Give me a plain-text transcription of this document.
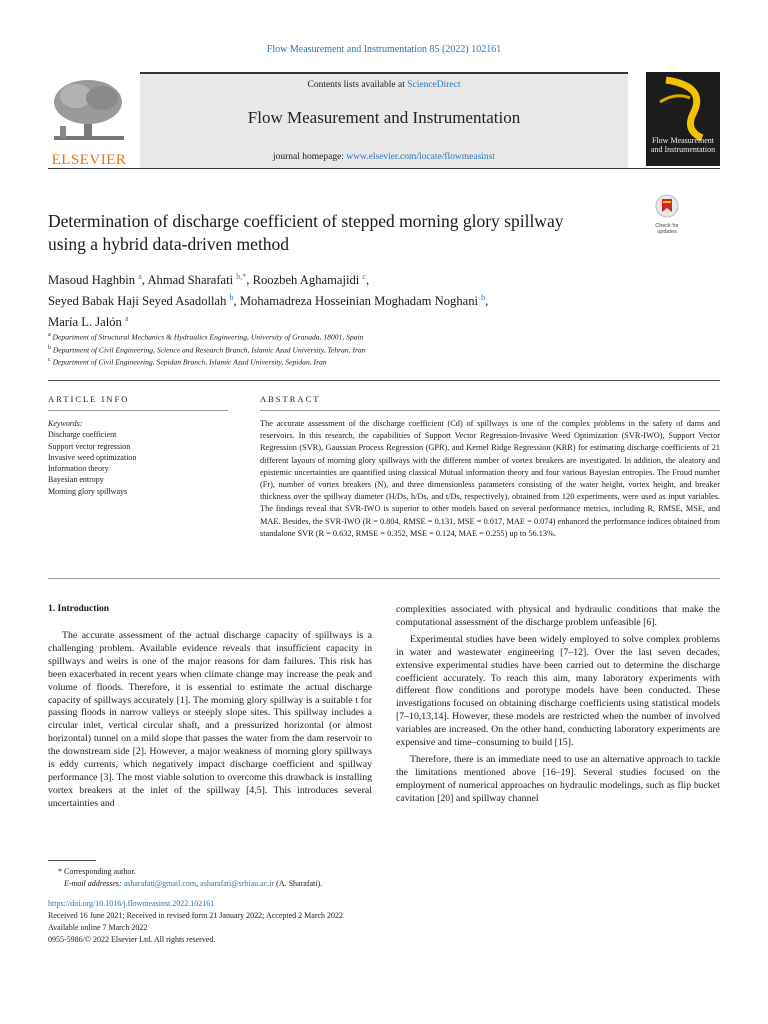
Flow Measurement and Instrumentation 85 (2022) 102161
ELSEVIER
Contents lists available at ScienceDirect
Flow Measurement and Instrumentation
journal homepage: www.elsevier.com/locate/flowmeasinst
Flow Measurement
and Instrumentation
Check for
updates
Determination of discharge coefficient of stepped morning glory spillway
using a hybrid data-driven method
Masoud Haghbin $^a$, Ahmad Sharafati $^{b,*}$, Roozbeh Aghamajidi $^c$,
Seyed Babak Haji Seyed Asadollah $^b$, Mohamadreza Hosseinian Moghadam Noghani $^b$,
María L. Jalón $^a$
$^a$ Department of Structural Mechanics & Hydraulics Engineering, University of Granada, 18001, Spain
$^b$ Department of Civil Engineering, Science and Research Branch, Islamic Azad University, Tehran, Iran
$^c$ Department of Civil Engineering, Sepidan Branch, Islamic Azad University, Sepidan, Iran
ARTICLE INFO	ABSTRACT
Keywords:
Discharge coefficient
Support vector regression
Invasive weed optimization
Information theory
Bayesian entropy
Morning glory spillways
The accurate assessment of the discharge coefficient (Cd) of spillways is one of the complex problems in the safety of dams and reservoirs. In this research, the capabilities of Support Vector Regression-Invasive Weed Optimization (SVR-IWO), Support Vector Regression (SVR), Gaussian Process Regression (GPR), and Kernel Ridge Regression (KRR) for estimating discharge coefficients of 21 different layouts of morning glory spillways with the different number of vortex breakers are investigated. In addition, the aleatory and epistemic uncertainties are quantified using classical Mutual information theory and four various Bayesian entropies. The Froud number (Fr), number of vortex breakers (N), and three dimensionless parameters consisting of the water height, vortex height, and breaker thickness over the spillway diameter (H/Ds, h/Ds, and t/Ds, respectively), obtained from 120 experiments, were used as input variables. The findings reveal that SVR-IWO is superior to other models based on several performance metrics, including R, RMSE, MSE, and MAE. Besides, the SVR-IWO (R = 0.804, RMSE = 0.131, MSE = 0.017, MAE = 0.074) enhanced the performance indices obtained from standalone SVR (R = 0.632, RMSE = 0.352, MSE = 0.124, MAE = 0.255) up to 56.13%.
1. Introduction

The accurate assessment of the actual discharge capacity of spillways is a challenging problem. Available evidence reveals that insufficient capacity in spillways and weirs is one of the major reasons for dam failures. This risk has been exacerbated in recent years when climate change may increase the peak and volume of floods. Therefore, it is essential to estimate the actual discharge capacity of spillways accurately [1]. The morning glory spillway is a suitable t for passing floods in narrow valleys or steeply slope sites. This spillway includes a circular inlet, vertical circular shaft, and a pressurized horizontal (or almost horizontal) tunnel on a mild slope that passes the water from the dam reservoir to the downstream side [2]. However, a major weakness of morning glory spillways is eddy currents, which negatively impact discharge coefficient and spillway performance [3]. The most viable solution to overcome this drawback is installing vortex breakers at the inlet of the spillway [4,5]. This introduces several uncertainties and

complexities associated with physical and hydraulic conditions that make the computational assessment of the discharge problem unfeasible [6].

Experimental studies have been widely employed to solve complex problems in water and wastewater engineering [7–12]. Over the last seven decades, extensive experimental studies have been carried out to determine the discharge coefficient accurately. To reach this aim, many laboratory experiments with different flow conditions and porotype models have been conducted. These investigations focused on obtaining discharge coefficients using statistical models [7–10,13,14]. However, these models are restricted when the number of involved variables are increased. On the other hand, conducting laboratory experiments are expensive and time–consuming to build [15].

Therefore, there is an immediate need to use an alternative approach to tackle the limitations mentioned above [16–19]. Several studies focused on the employment of numerical approaches on hydraulic modelings, such as flip bucket cavitation [20] and spillway channel

* Corresponding author.
E-mail addresses: asharafati@gmail.com, asharafati@srbiau.ac.ir (A. Sharafati).
https://doi.org/10.1016/j.flowmeasinst.2022.102161
Received 16 June 2021; Received in revised form 21 January 2022; Accepted 2 March 2022
Available online 7 March 2022
0955-5986/© 2022 Elsevier Ltd. All rights reserved.
